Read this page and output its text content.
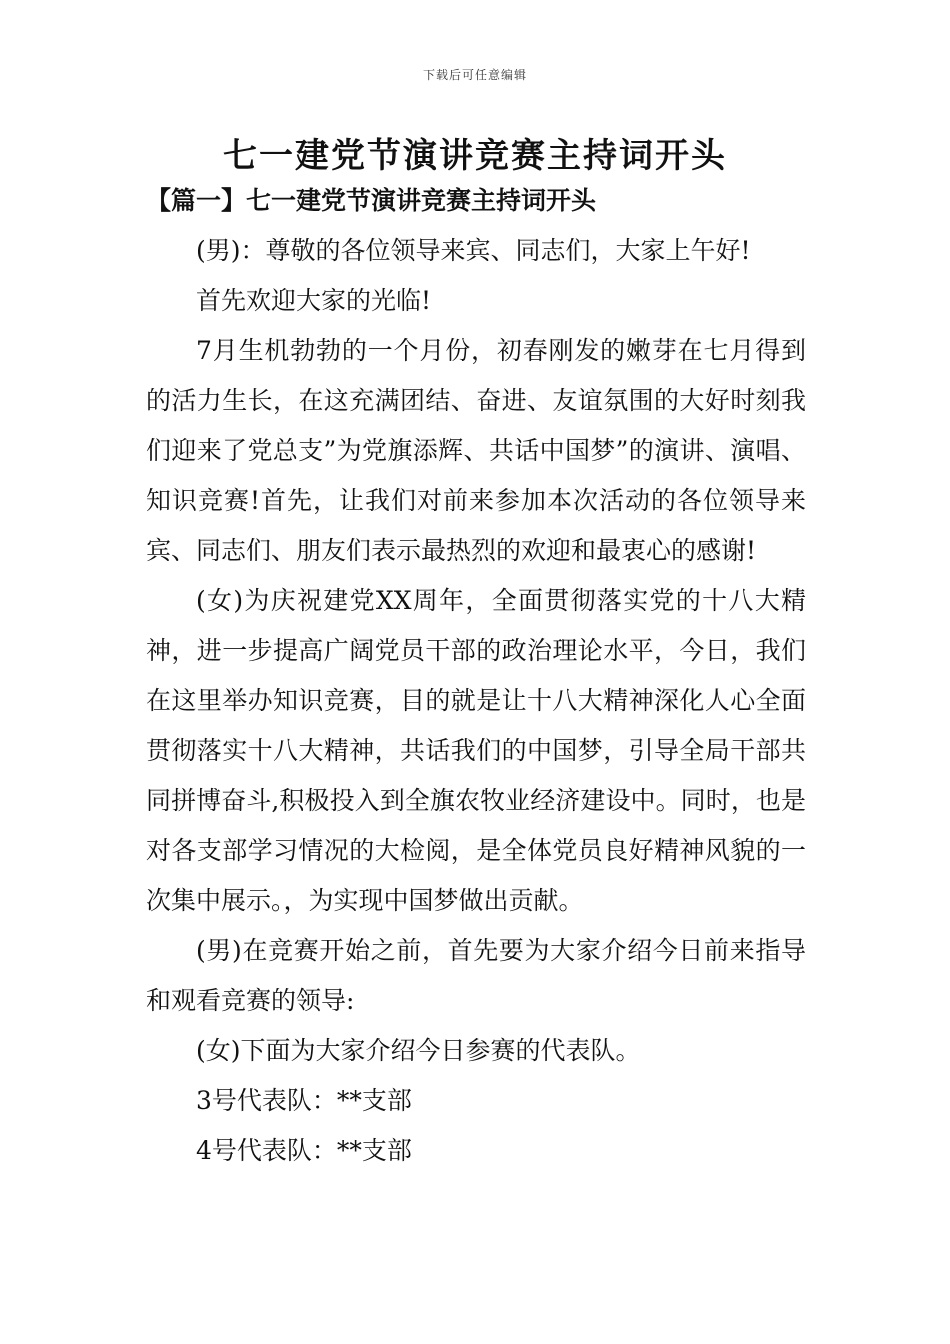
下载后可任意编辑
七一建党节演讲竞赛主持词开头
【篇一】七一建党节演讲竞赛主持词开头

(男)：尊敬的各位领导来宾、同志们，大家上午好!

首先欢迎大家的光临!

7月生机勃勃的一个月份，初春刚发的嫩芽在七月得到的活力生长，在这充满团结、奋进、友谊氛围的大好时刻我们迎来了党总支”为党旗添辉、共话中国梦”的演讲、演唱、知识竞赛!首先，让我们对前来参加本次活动的各位领导来宾、同志们、朋友们表示最热烈的欢迎和最衷心的感谢!

(女)为庆祝建党XX周年，全面贯彻落实党的十八大精神，进一步提高广阔党员干部的政治理论水平，今日，我们在这里举办知识竞赛，目的就是让十八大精神深化人心全面贯彻落实十八大精神，共话我们的中国梦，引导全局干部共同拼博奋斗,积极投入到全旗农牧业经济建设中。同时，也是对各支部学习情况的大检阅，是全体党员良好精神风貌的一次集中展示。，为实现中国梦做出贡献。

(男)在竞赛开始之前，首先要为大家介绍今日前来指导和观看竞赛的领导:

(女)下面为大家介绍今日参赛的代表队。

3号代表队：**支部

4号代表队：**支部
